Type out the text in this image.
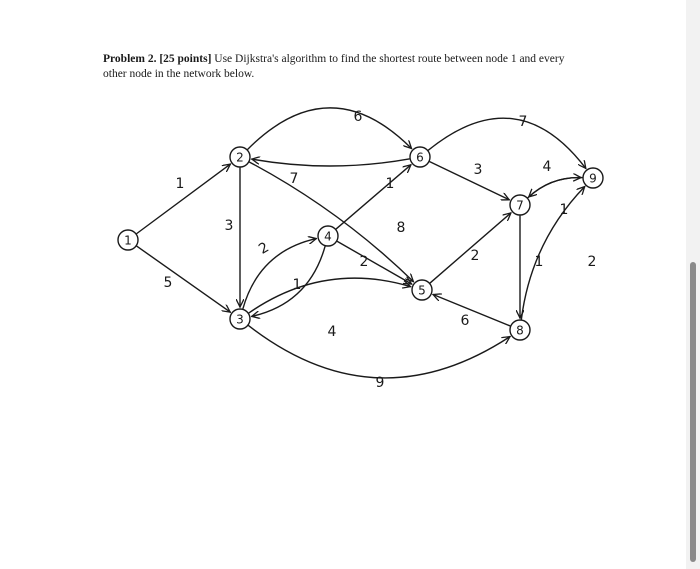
Problem 2. [25 points] Use Dijkstra's algorithm to find the shortest route between node 1 and every other node in the network below.
1
5
3
6
7
8
2
1
1
2
4
9
3
7
2
6
4
1
1	2
1
2
3
4
5
6
7
8
9
